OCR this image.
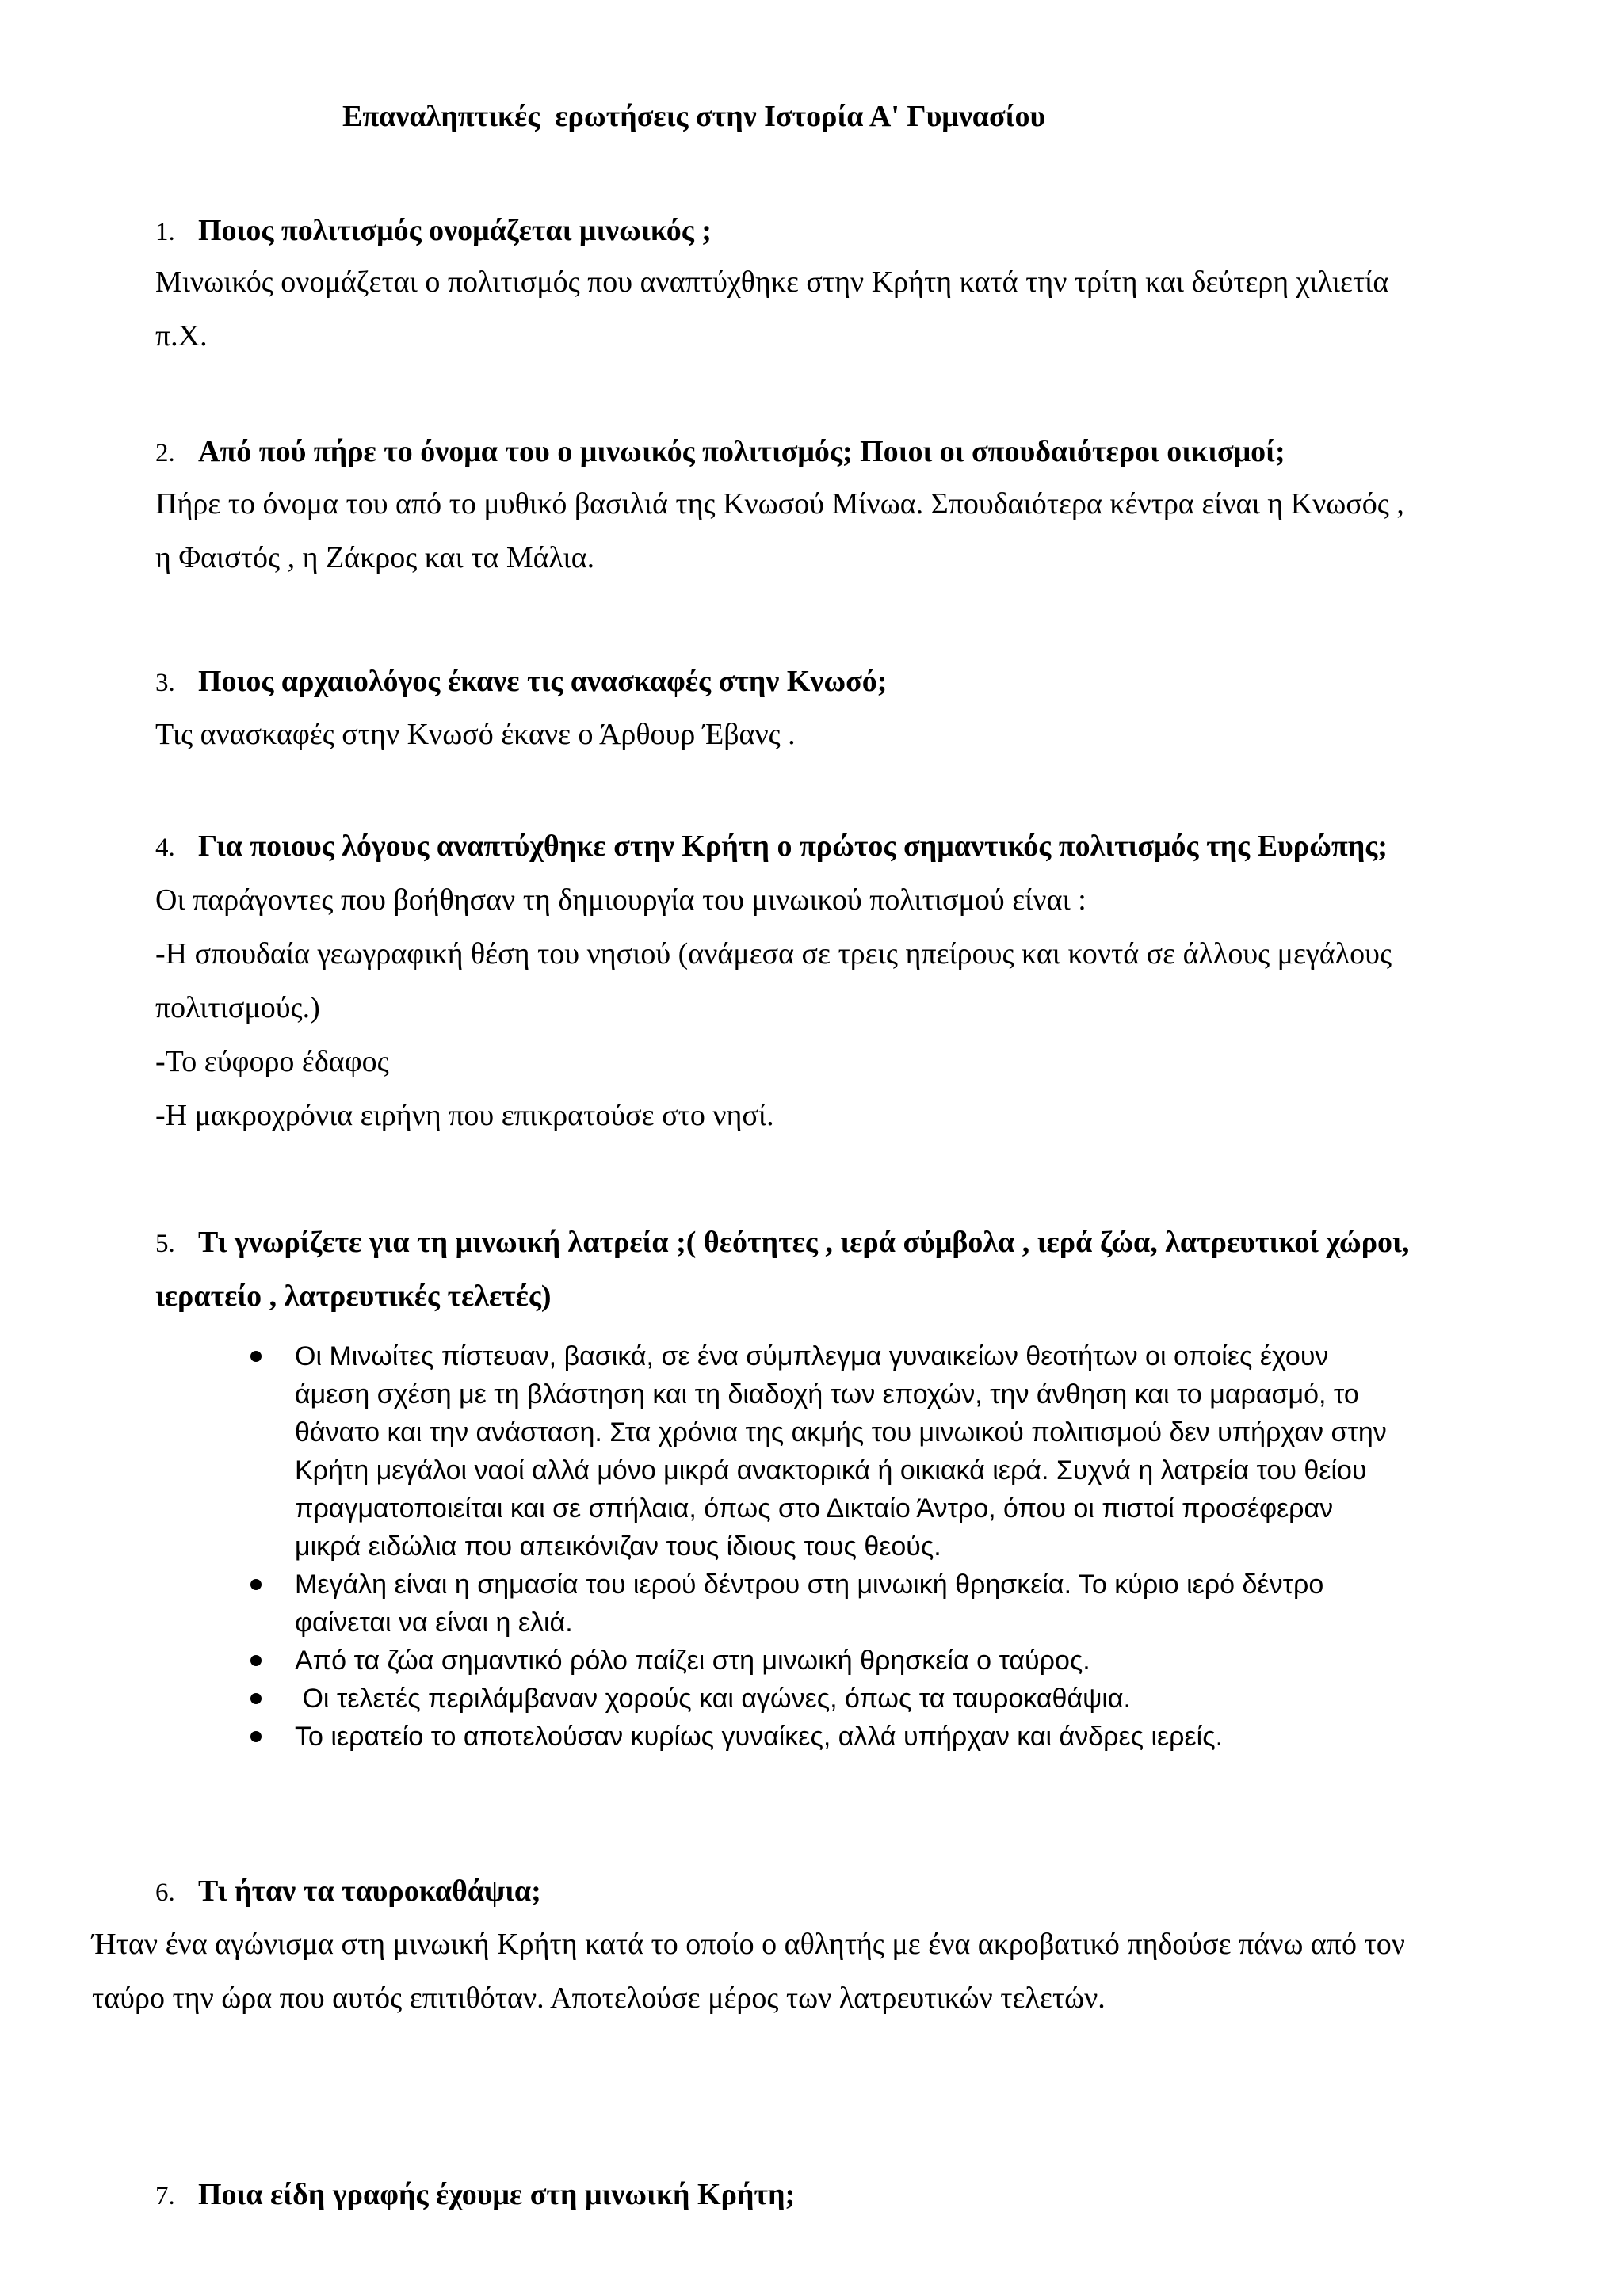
Επαναληπτικές  ερωτήσεις στην Ιστορία Α' Γυμνασίου
1. Ποιος πολιτισμός ονομάζεται μινωικός ;
Μινωικός ονομάζεται ο πολιτισμός που αναπτύχθηκε στην Κρήτη κατά την τρίτη και δεύτερη χιλιετία
π.Χ.
2. Από πού πήρε το όνομα του ο μινωικός πολιτισμός; Ποιοι οι σπουδαιότεροι οικισμοί;
Πήρε το όνομα του από το μυθικό βασιλιά της Κνωσού Μίνωα. Σπουδαιότερα κέντρα είναι η Κνωσός ,
η Φαιστός , η Ζάκρος και τα Μάλια.
3. Ποιος αρχαιολόγος έκανε τις ανασκαφές στην Κνωσό;
Τις ανασκαφές στην Κνωσό έκανε ο Άρθουρ Έβανς .
4. Για ποιους λόγους αναπτύχθηκε στην Κρήτη ο πρώτος σημαντικός πολιτισμός της Ευρώπης;
Οι παράγοντες που βοήθησαν τη δημιουργία του μινωικού πολιτισμού είναι :
-Η σπουδαία γεωγραφική θέση του νησιού (ανάμεσα σε τρεις ηπείρους και κοντά σε άλλους μεγάλους
πολιτισμούς.)
-Το εύφορο έδαφος
-Η μακροχρόνια ειρήνη που επικρατούσε στο νησί.
5. Τι γνωρίζετε για τη μινωική λατρεία ;( θεότητες , ιερά σύμβολα , ιερά ζώα, λατρευτικοί χώροι,
ιερατείο , λατρευτικές τελετές)
Οι Μινωίτες πίστευαν, βασικά, σε ένα σύμπλεγμα γυναικείων θεοτήτων οι οποίες έχουν
άμεση σχέση με τη βλάστηση και τη διαδοχή των εποχών, την άνθηση και το μαρασμό, το
θάνατο και την ανάσταση. Στα χρόνια της ακμής του μινωικού πολιτισμού δεν υπήρχαν στην
Κρήτη μεγάλοι ναοί αλλά μόνο μικρά ανακτορικά ή οικιακά ιερά. Συχνά η λατρεία του θείου
πραγματοποιείται και σε σπήλαια, όπως στο Δικταίο Άντρο, όπου οι πιστοί προσέφεραν
μικρά ειδώλια που απεικόνιζαν τους ίδιους τους θεούς.
Μεγάλη είναι η σημασία του ιερού δέντρου στη μινωική θρησκεία. Το κύριο ιερό δέντρο
φαίνεται να είναι η ελιά.
Από τα ζώα σημαντικό ρόλο παίζει στη μινωική θρησκεία ο ταύρος.
Οι τελετές περιλάμβαναν χορούς και αγώνες, όπως τα ταυροκαθάψια.
Το ιερατείο το αποτελούσαν κυρίως γυναίκες, αλλά υπήρχαν και άνδρες ιερείς.
6. Τι ήταν τα ταυροκαθάψια;
Ήταν ένα αγώνισμα στη μινωική Κρήτη κατά το οποίο ο αθλητής με ένα ακροβατικό πηδούσε πάνω από τον
ταύρο την ώρα που αυτός επιτιθόταν. Αποτελούσε μέρος των λατρευτικών τελετών.
7. Ποια είδη γραφής έχουμε στη μινωική Κρήτη;
